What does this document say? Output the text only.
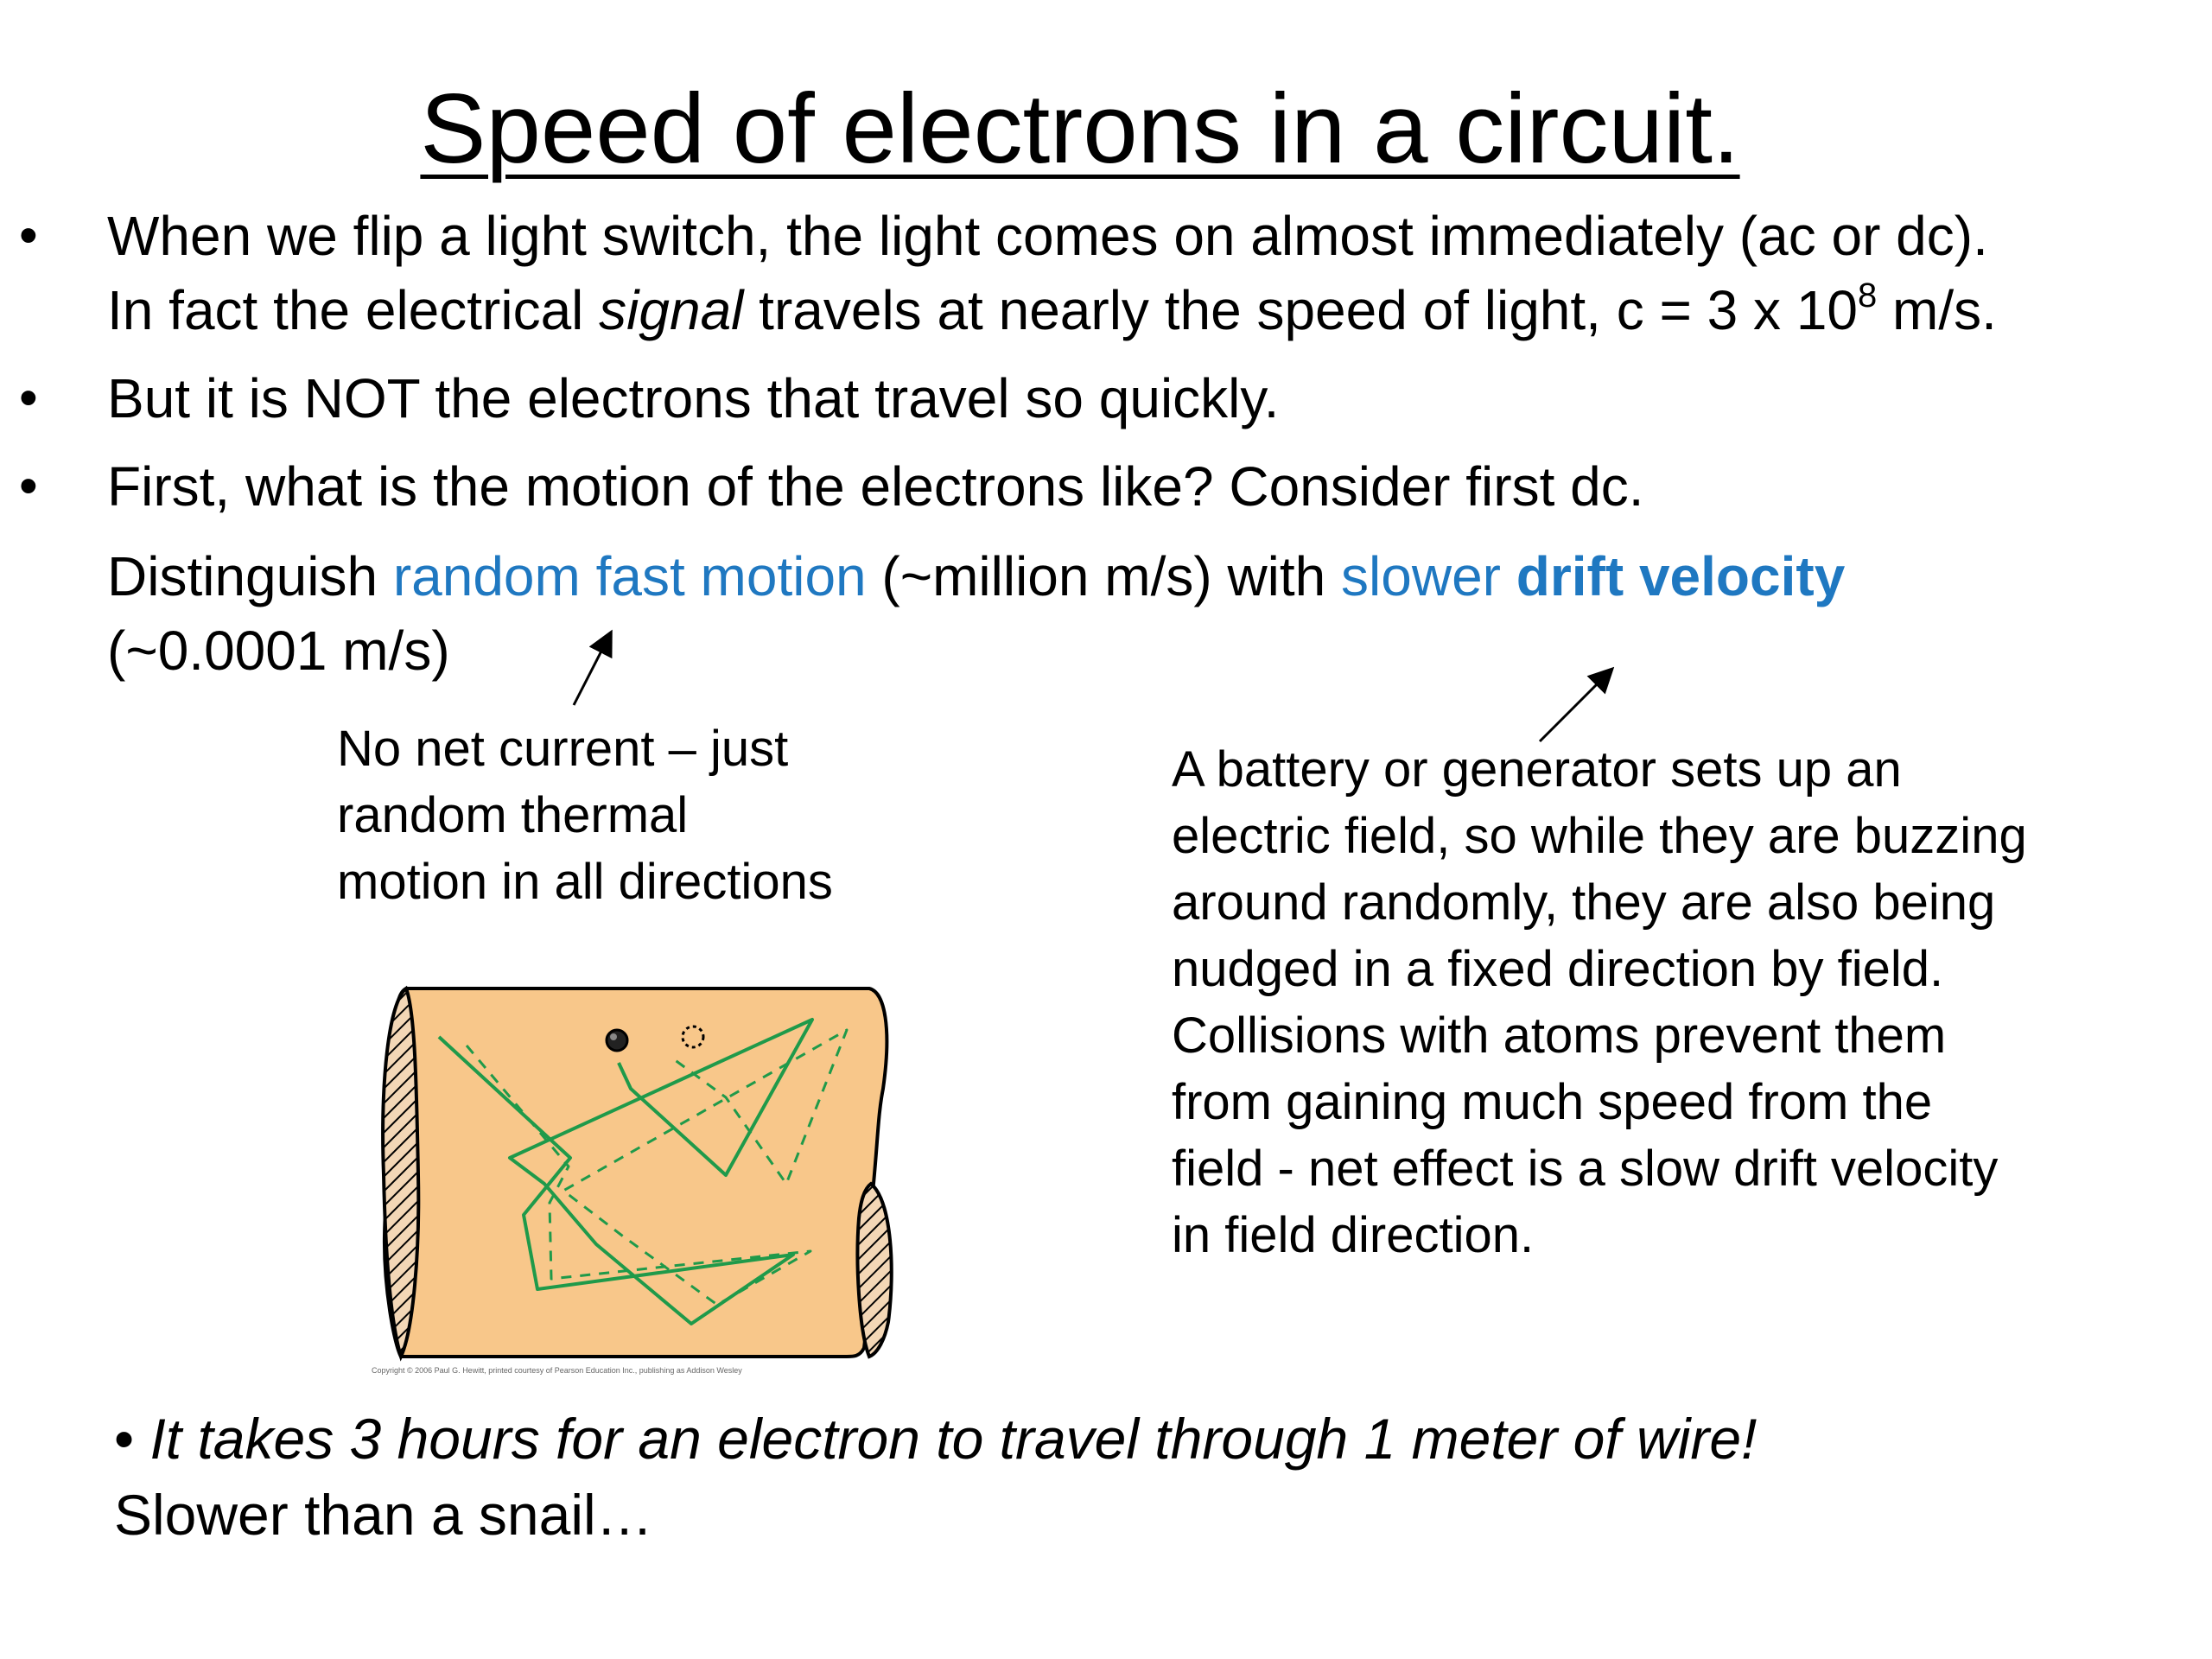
Speed of electrons in a circuit.
• When we flip a light switch, the light comes on almost immediately (ac or dc).
In fact the electrical signal travels at nearly the speed of light, c = 3 x $10^8$ m/s.
• But it is NOT the electrons that travel so quickly.
• First, what is the motion of the electrons like? Consider first dc.
Distinguish random fast motion (~million m/s) with slower drift velocity
(~0.0001 m/s)
No net current – just
random thermal
motion in all directions
A battery or generator sets up an
electric field, so while they are buzzing
around randomly, they are also being
nudged in a fixed direction by field.
Collisions with atoms prevent them
from gaining much speed from the
field - net effect is a slow drift velocity
in field direction.
Copyright © 2006 Paul G. Hewitt, printed courtesy of Pearson Education Inc., publishing as Addison Wesley
• It takes 3 hours for an electron to travel through 1 meter of wire!
Slower than a snail…
